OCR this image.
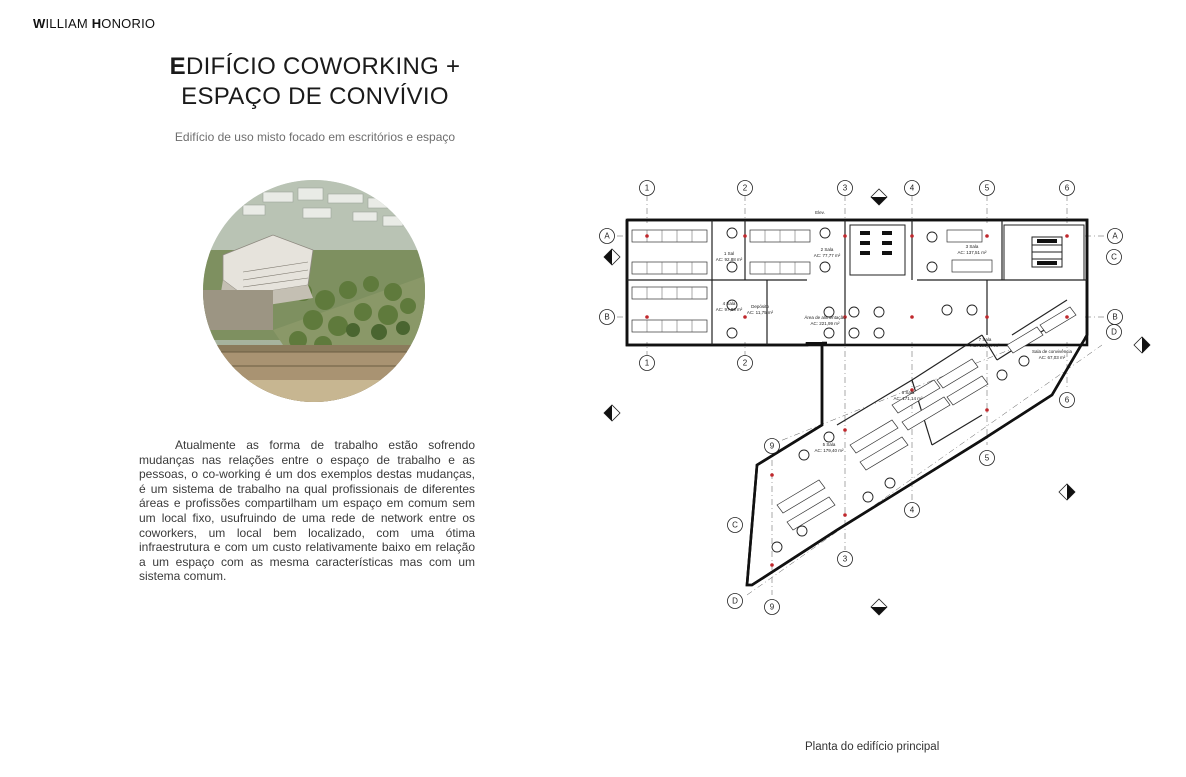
WILLIAM HONORIO
EDIFÍCIO COWORKING +
ESPAÇO DE CONVÍVIO
Edifício de uso misto focado em escritórios e espaço

Atualmente as forma de trabalho estão sofrendo mudanças nas relações entre o espaço de trabalho e as pessoas, o co-working é um dos exemplos destas mudanças, é um sistema de trabalho na qual profissionais de diferentes áreas e profissões compartilham um espaço em comum sem um local fixo, usufruindo de uma rede de network entre os coworkers, um local bem localizado, com uma ótima infraestrutura e com um custo relativamente baixo em relação a um espaço com as mesma características mas com um sistema comum.

1 Sal
AC: 92,88 m²
2 Sala
AC: 77,77 m²
3 Sala
AC: 137,51 m²
4 Sala
AC: 97,86 m²
Depósito
AC: 11,75 m²
Área de alimentação
AC: 221,99 m²
5 Sala
AC: 179,40 m²
6 Sala
AC: 171,14 m²
7 Sala
AC: 195,37 m²
Sala de convivência
AC: 67,03 m²
Elev.
1	2	3	4	5	6
1	2
6
5
4
3
9
9
A	A
B	B
C
D
C
D
Planta do edifício principal
